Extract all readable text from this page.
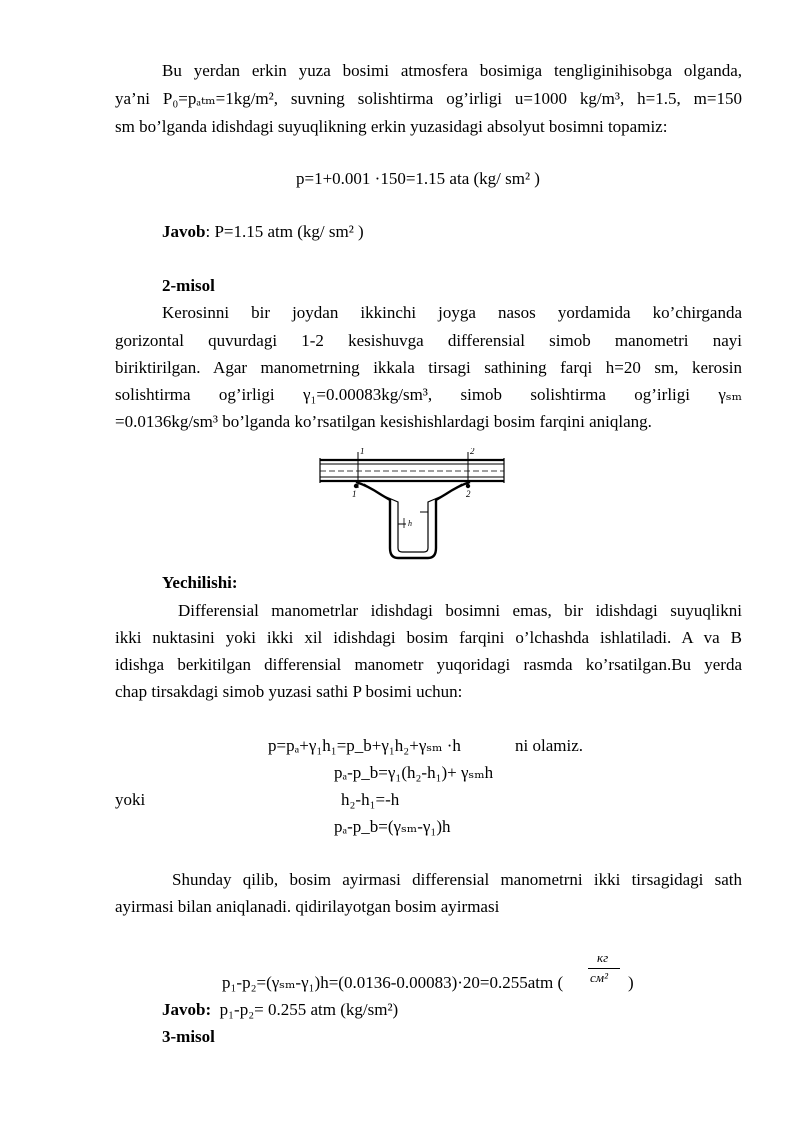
Bu yerdan erkin yuza bosimi atmosfera bosimiga tengliginihisobga olganda,
ya’ni P₀=pₐₜₘ=1kg/m², suvning solishtirma og’irligi u=1000 kg/m³, h=1.5, m=150
sm bo’lganda idishdagi suyuqlikning erkin yuzasidagi absolyut bosimni topamiz:
p=1+0.001 ·150=1.15 ata (kg/ sm² )
Javob: P=1.15 atm (kg/ sm² )
2-misol
Kerosinni bir joydan ikkinchi joyga nasos yordamida ko’chirganda
gorizontal quvurdagi 1-2 kesishuvga differensial simob manometri nayi
biriktirilgan. Agar manometrning ikkala tirsagi sathining farqi h=20 sm, kerosin
solishtirma og’irligi γ₁=0.00083kg/sm³, simob solishtirma og’irligi γₛₘ
=0.0136kg/sm³ bo’lganda ko’rsatilgan kesishishlardagi bosim farqini aniqlang.
1	2
1	2
h
Yechilishi:
Differensial manometrlar idishdagi bosimni emas, bir idishdagi suyuqlikni
ikki nuktasini yoki ikki xil idishdagi bosim farqini o’lchashda ishlatiladi. A va B
idishga berkitilgan differensial manometr yuqoridagi rasmda ko’rsatilgan.Bu yerda
chap tirsakdagi simob yuzasi sathi P bosimi uchun:
p=pₐ+γ₁h₁=p_b+γ₁h₂+γₛₘ ·h	ni olamiz.
pₐ-p_b=γ₁(h₂-h₁)+ γₛₘh
yoki	h₂-h₁=-h
pₐ-p_b=(γₛₘ-γ₁)h
Shunday qilib, bosim ayirmasi differensial manometrni ikki tirsagidagi sath
ayirmasi bilan aniqlanadi. qidirilayotgan bosim ayirmasi
p₁-p₂=(γₛₘ-γ₁)h=(0.0136-0.00083)·20=0.255atm (
кг
см² )
Javob: p₁-p₂= 0.255 atm (kg/sm²)
3-misol
